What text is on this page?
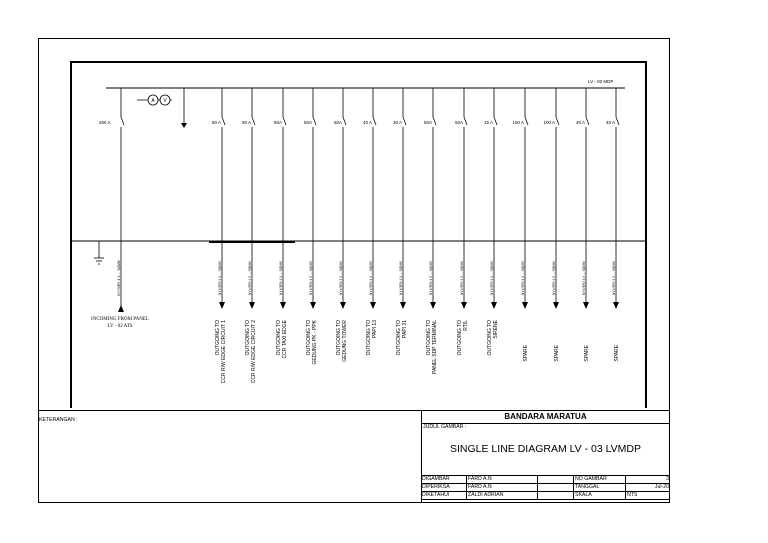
LV - 03 MDP
250 A
NYY/3RV 4 X ... SQMM
INCOMING FROM PANEL
LV - 02 ATS
A V
50 A
NYY/3RV 4 X ... SQMM
OUTGOING TO CCR R/W EDGE CIRCUIT 1
50 A
NYY/3RV 4 X ... SQMM
OUTGOING TO CCR R/W EDGE CIRCUIT 2
50A
NYY/3RV 4 X ... SQMM
OUTGOING TO CCR TAXI EDGE
50A
NYY/3RV 4 X ... SQMM
OUTGOING TO GEDUNG PK - PPK
50A
NYY/3RV 4 X ... SQMM
OUTGOING TO GEDUNG TOWER
40 A
NYY/3RV 4 X ... SQMM
OUTGOING TO PAPI 13
30 A
NYY/3RV 4 X ... SQMM
OUTGOING TO PAPI 31
50A
NYY/3RV 4 X ... SQMM
OUTGOING TO PANEL SDP TERMINAL
50A
NYY/3RV 4 X ... SQMM
OUTGOING TO RTIL
15 A
NYY/3RV 4 X ... SQMM
OUTGOING TO SIRENE
150 A
NYY/3RV 4 X ... SQMM
SPARE
100 A
NYY/3RV 4 X ... SQMM
SPARE
40 A
NYY/3RV 4 X ... SQMM
SPARE
40 A
NYY/3RV 4 X ... SQMM
SPARE
KETERANGAN :	BANDARA MARATUA
JUDUL GAMBAR :
SINGLE LINE DIAGRAM LV - 03 LVMDP
DIGAMBAR	FARD A.N
DIPERIKSA	FARD A.N
DIKETAHUI	ZALDI ADRIAN
NO GAMBAR	3
TANGGAL	Jul-20
SKALA	NTS
